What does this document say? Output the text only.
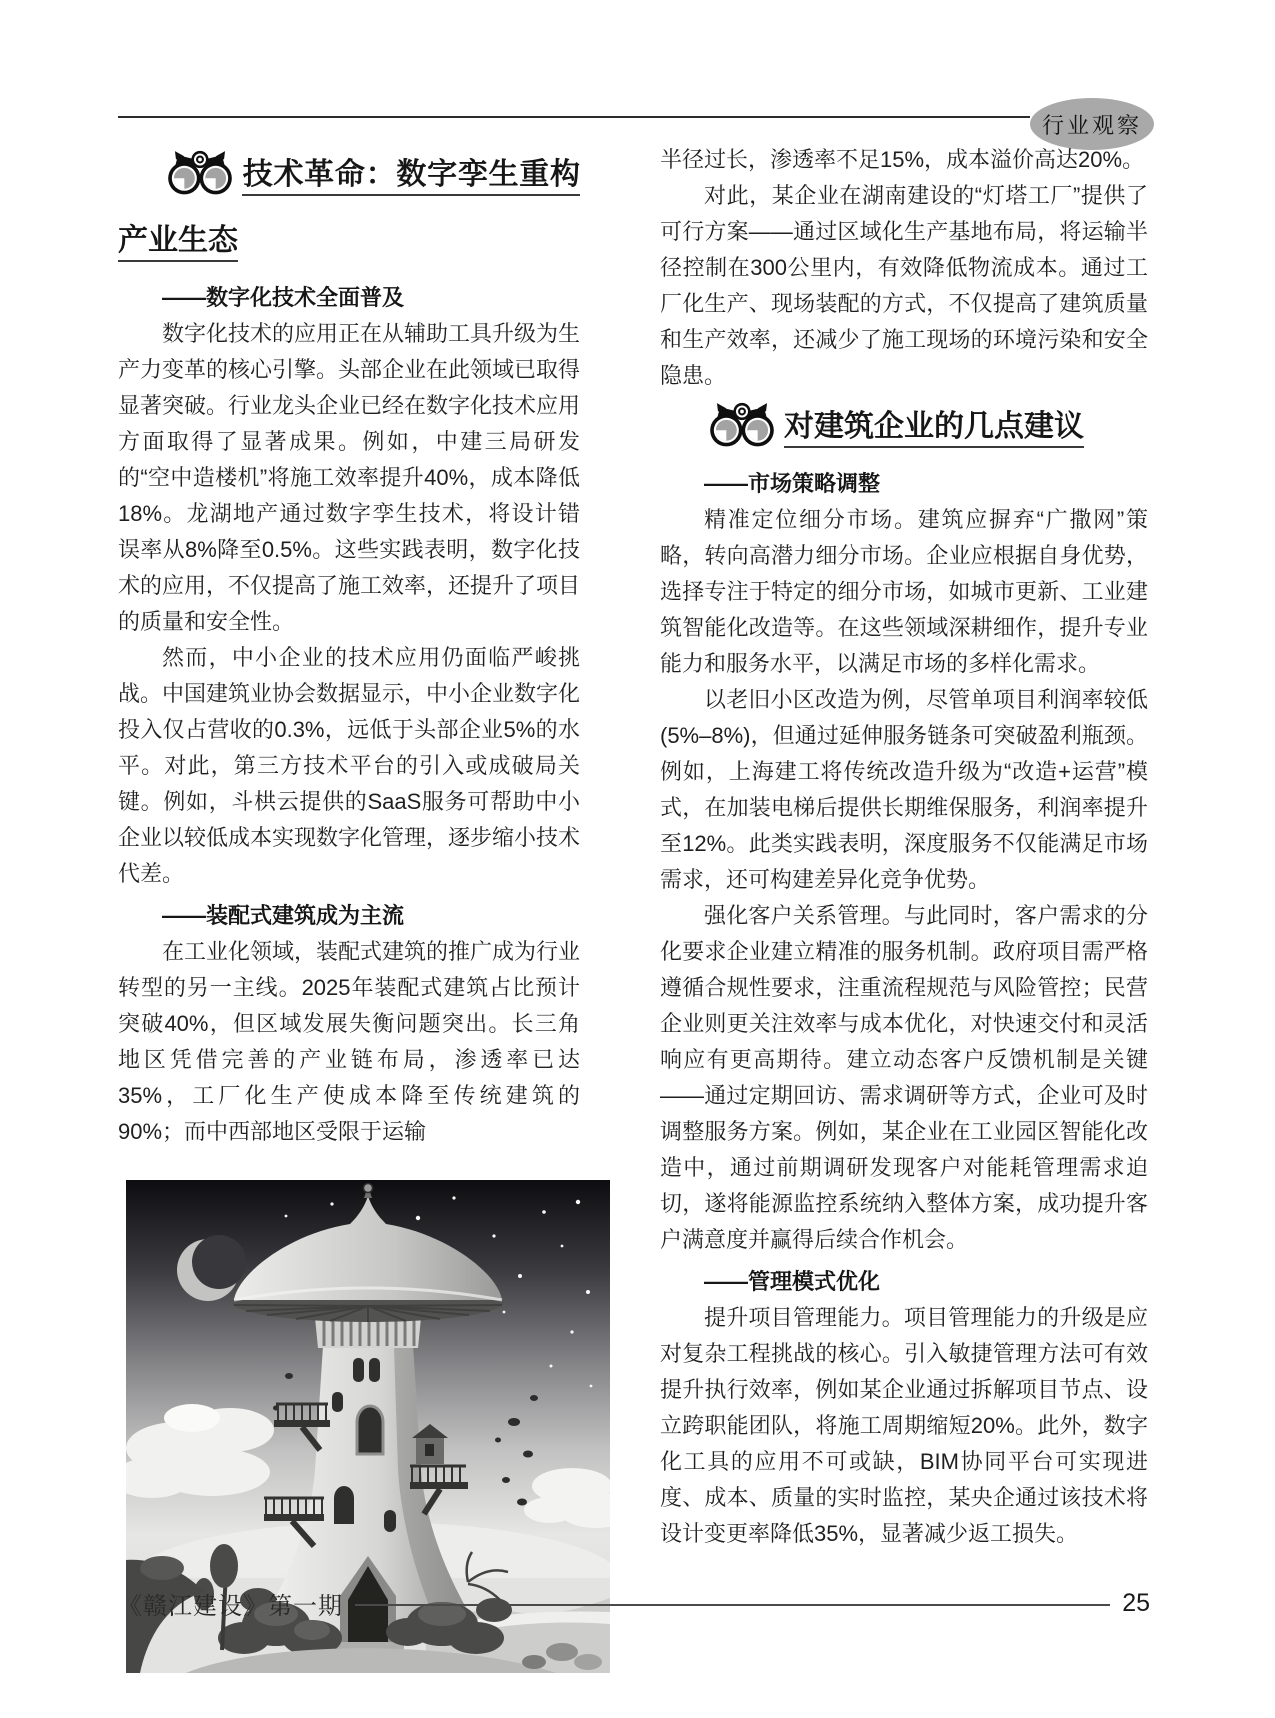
行业观察
技术革命：数字孪生重构产业生态

——数字化技术全面普及

数字化技术的应用正在从辅助工具升级为生产力变革的核心引擎。头部企业在此领域已取得显著突破。行业龙头企业已经在数字化技术应用方面取得了显著成果。例如，中建三局研发的“空中造楼机”将施工效率提升40%，成本降低18%。龙湖地产通过数字孪生技术，将设计错误率从8%降至0.5%。这些实践表明，数字化技术的应用，不仅提高了施工效率，还提升了项目的质量和安全性。

然而，中小企业的技术应用仍面临严峻挑战。中国建筑业协会数据显示，中小企业数字化投入仅占营收的0.3%，远低于头部企业5%的水平。对此，第三方技术平台的引入或成破局关键。例如，斗栱云提供的SaaS服务可帮助中小企业以较低成本实现数字化管理，逐步缩小技术代差。

——装配式建筑成为主流

在工业化领域，装配式建筑的推广成为行业转型的另一主线。2025年装配式建筑占比预计突破40%，但区域发展失衡问题突出。长三角地区凭借完善的产业链布局，渗透率已达35%，工厂化生产使成本降至传统建筑的90%；而中西部地区受限于运输

半径过长，渗透率不足15%，成本溢价高达20%。

对此，某企业在湖南建设的“灯塔工厂”提供了可行方案——通过区域化生产基地布局，将运输半径控制在300公里内，有效降低物流成本。通过工厂化生产、现场装配的方式，不仅提高了建筑质量和生产效率，还减少了施工现场的环境污染和安全隐患。

对建筑企业的几点建议

——市场策略调整

精准定位细分市场。建筑应摒弃“广撒网”策略，转向高潜力细分市场。企业应根据自身优势，选择专注于特定的细分市场，如城市更新、工业建筑智能化改造等。在这些领域深耕细作，提升专业能力和服务水平，以满足市场的多样化需求。

以老旧小区改造为例，尽管单项目利润率较低(5%–8%)，但通过延伸服务链条可突破盈利瓶颈。例如，上海建工将传统改造升级为“改造+运营”模式，在加装电梯后提供长期维保服务，利润率提升至12%。此类实践表明，深度服务不仅能满足市场需求，还可构建差异化竞争优势。

强化客户关系管理。与此同时，客户需求的分化要求企业建立精准的服务机制。政府项目需严格遵循合规性要求，注重流程规范与风险管控；民营企业则更关注效率与成本优化，对快速交付和灵活响应有更高期待。建立动态客户反馈机制是关键——通过定期回访、需求调研等方式，企业可及时调整服务方案。例如，某企业在工业园区智能化改造中，通过前期调研发现客户对能耗管理需求迫切，遂将能源监控系统纳入整体方案，成功提升客户满意度并赢得后续合作机会。

——管理模式优化

提升项目管理能力。项目管理能力的升级是应对复杂工程挑战的核心。引入敏捷管理方法可有效提升执行效率，例如某企业通过拆解项目节点、设立跨职能团队，将施工周期缩短20%。此外，数字化工具的应用不可或缺，BIM协同平台可实现进度、成本、质量的实时监控，某央企通过该技术将设计变更率降低35%，显著减少返工损失。

《赣江建设》第一期	25
